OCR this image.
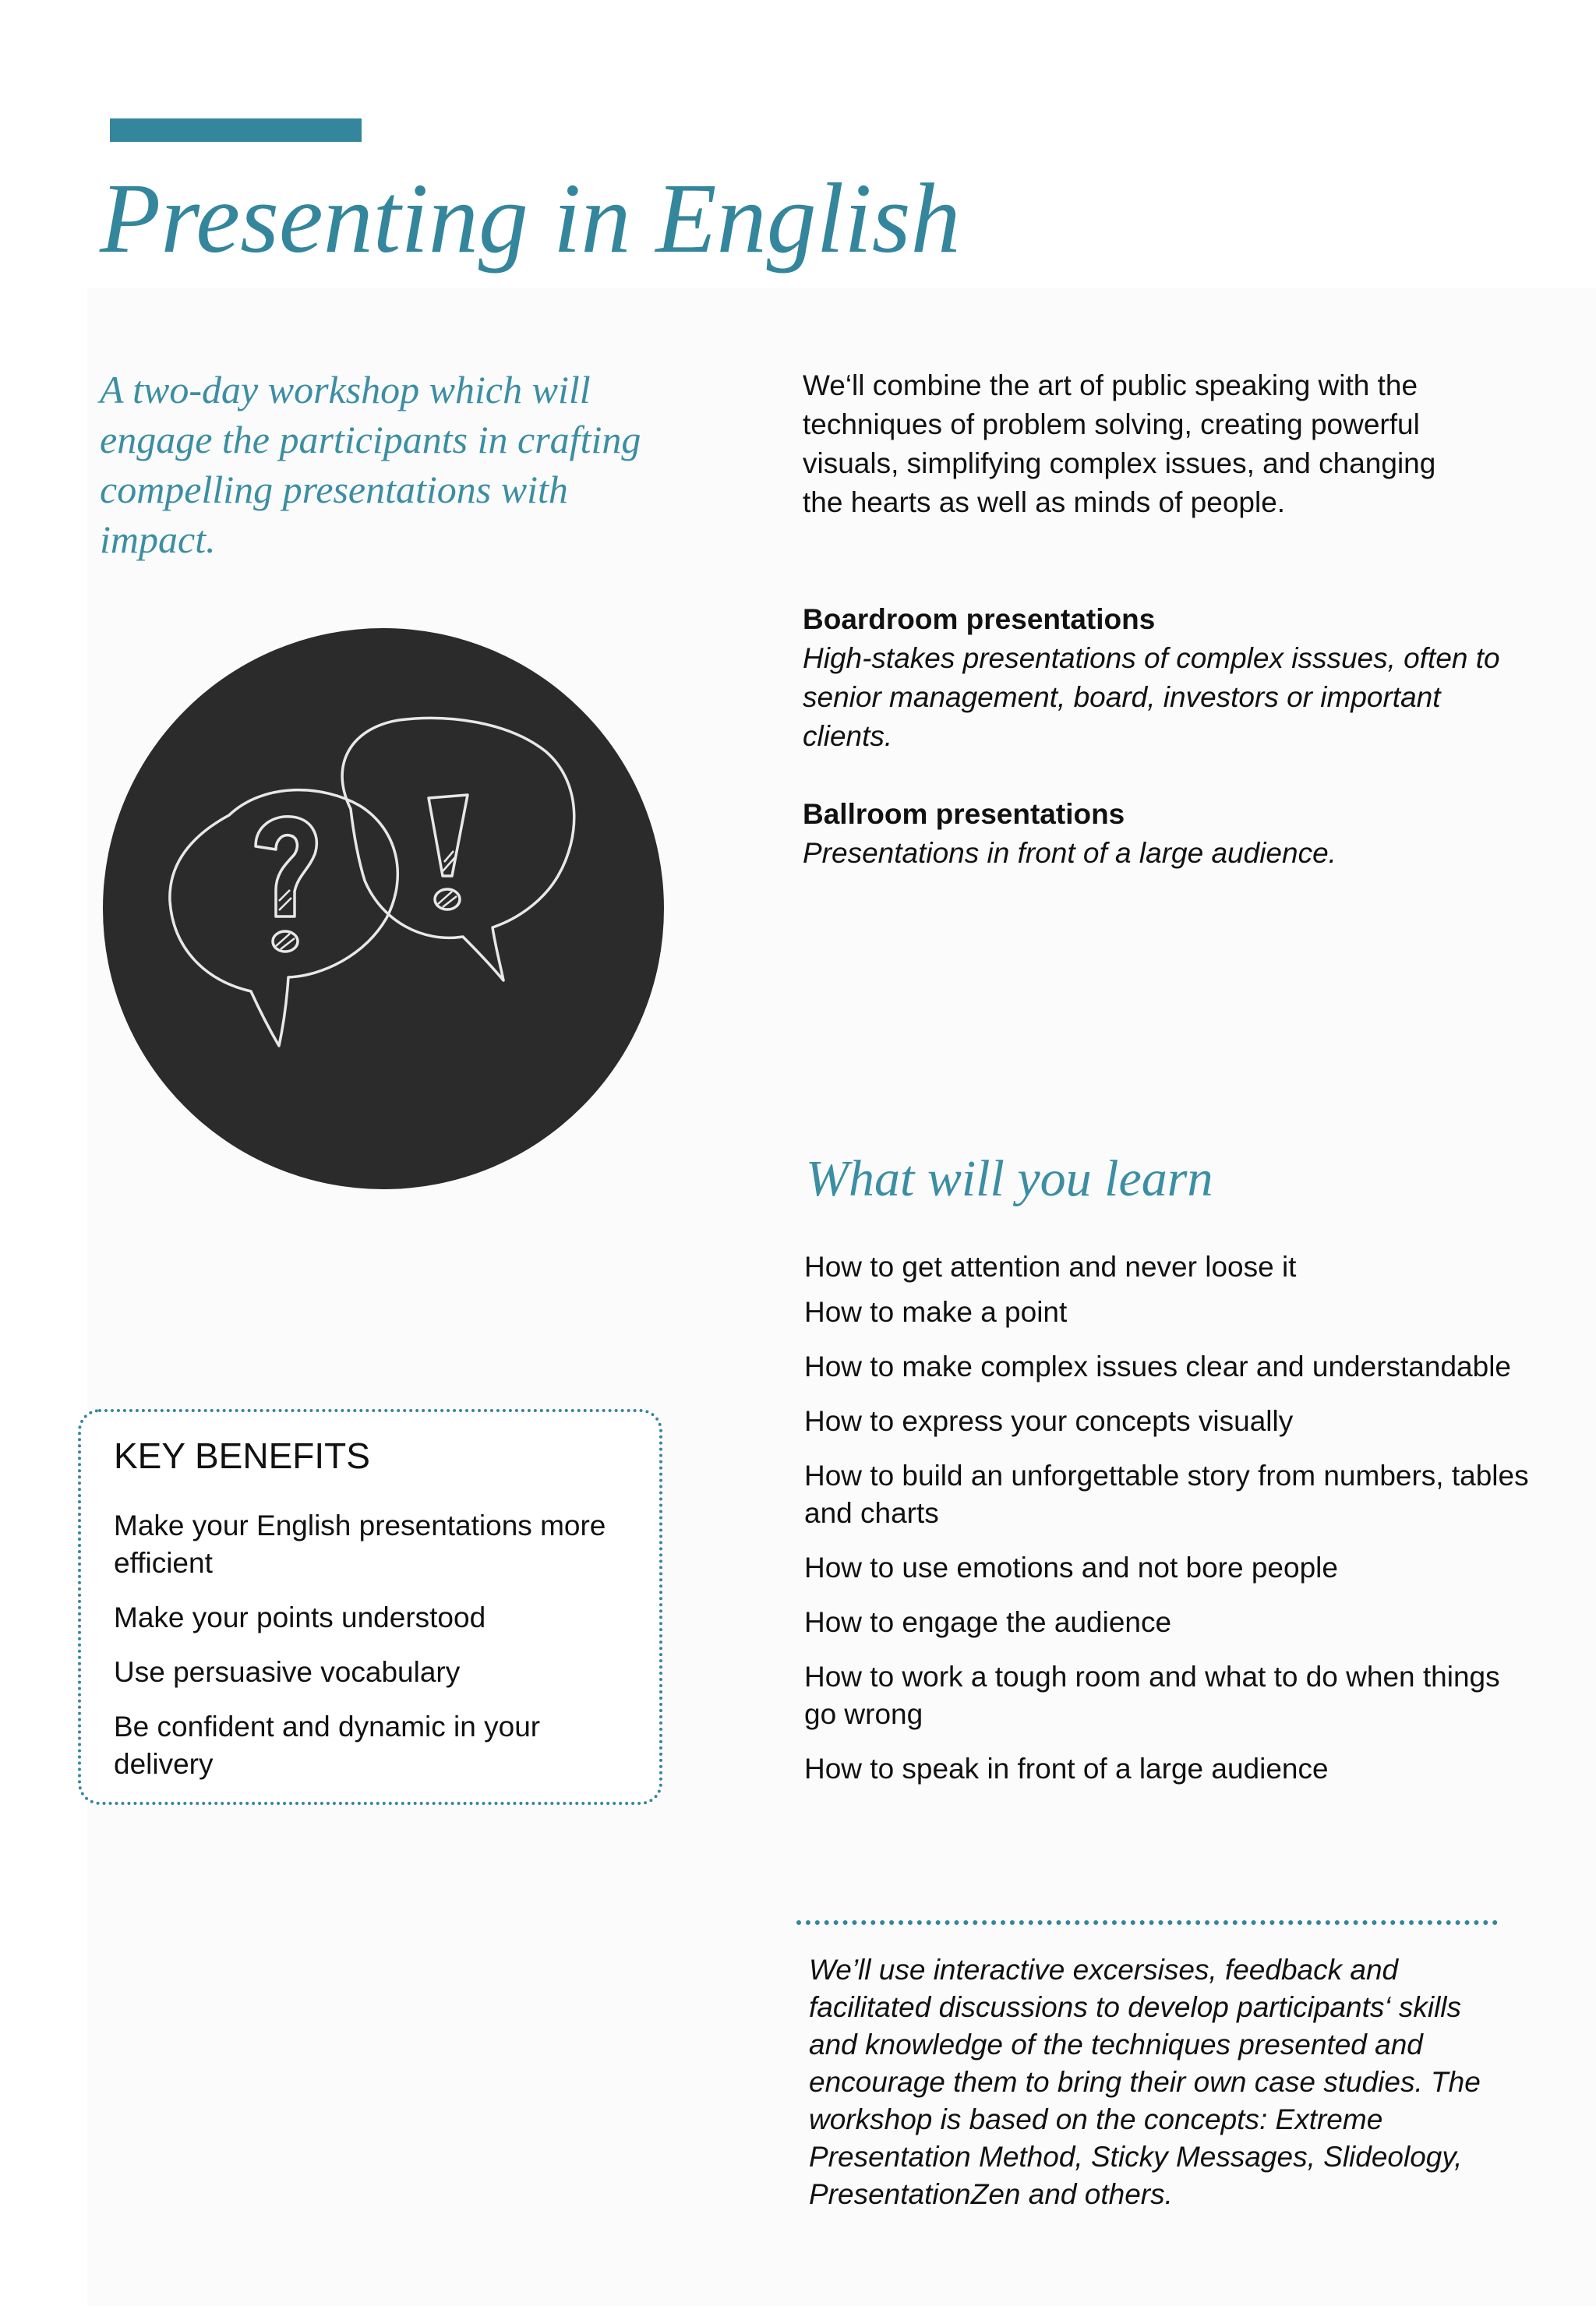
Presenting in English

A two-day workshop which will engage the participants in crafting compelling presentations with impact.

We‘ll combine the art of public speaking with the techniques of problem solving, creating powerful visuals, simplifying complex issues, and changing the hearts as well as minds of people.

Boardroom presentations

High-stakes presentations of complex isssues, often to senior management, board, investors or important clients.

Ballroom presentations

Presentations in front of a large audience.

What will you learn
How to get attention and never loose it
How to make a point
How to make complex issues clear and understandable
How to express your concepts visually
How to build an unforgettable story from numbers, tables and charts
How to use emotions and not bore people
How to engage the audience
How to work a tough room and what to do when things go wrong
How to speak in front of a large audience
KEY BENEFITS
Make your English presentations more efficient
Make your points understood
Use persuasive vocabulary
Be confident and dynamic in your delivery

We’ll use interactive excersises, feedback and facilitated discussions to develop participants‘ skills and knowledge of the techniques presented and encourage them to bring their own case studies. The workshop is based on the concepts: Extreme Presentation Method, Sticky Messages, Slideology, PresentationZen and others.
